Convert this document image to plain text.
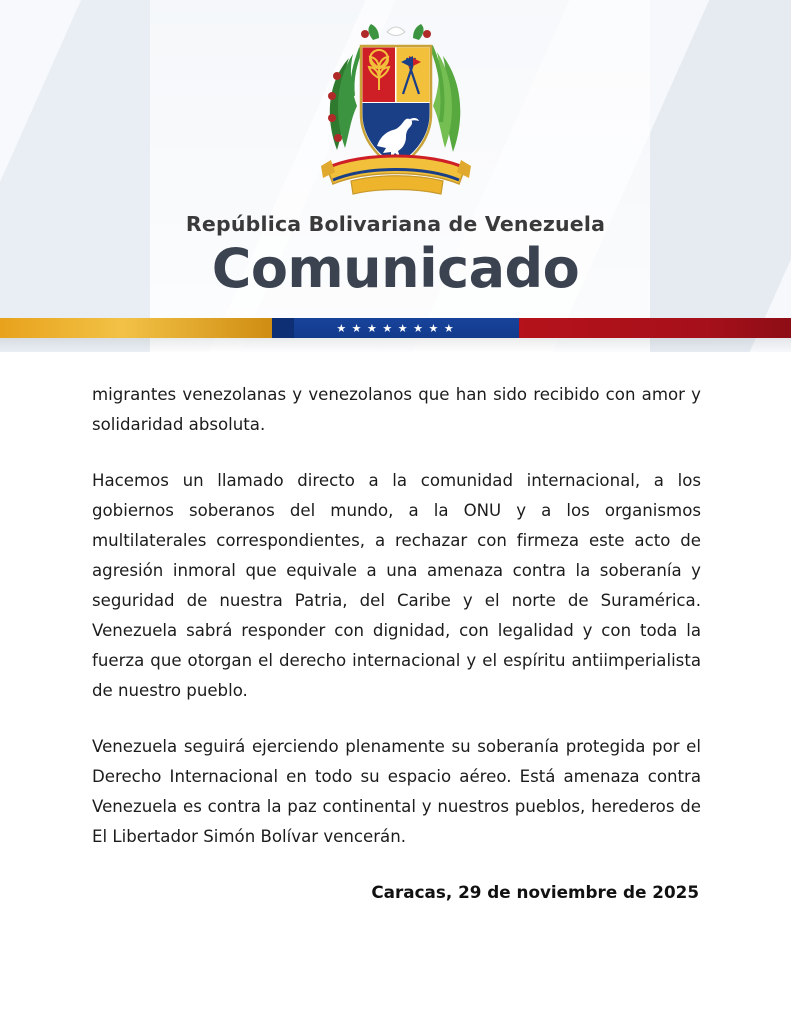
República Bolivariana de Venezuela
Comunicado
★ ★ ★ ★ ★ ★ ★ ★

migrantes venezolanas y venezolanos que han sido recibido con amor y solidaridad absoluta.

Hacemos un llamado directo a la comunidad internacional, a los gobiernos soberanos del mundo, a la ONU y a los organismos multilaterales correspondientes, a rechazar con firmeza este acto de agresión inmoral que equivale a una amenaza contra la soberanía y seguridad de nuestra Patria, del Caribe y el norte de Suramérica. Venezuela sabrá responder con dignidad, con legalidad y con toda la fuerza que otorgan el derecho internacional y el espíritu antiimperialista de nuestro pueblo.

Venezuela seguirá ejerciendo plenamente su soberanía protegida por el Derecho Internacional en todo su espacio aéreo. Está amenaza contra Venezuela es contra la paz continental y nuestros pueblos, herederos de El Libertador Simón Bolívar vencerán.

Caracas, 29 de noviembre de 2025
